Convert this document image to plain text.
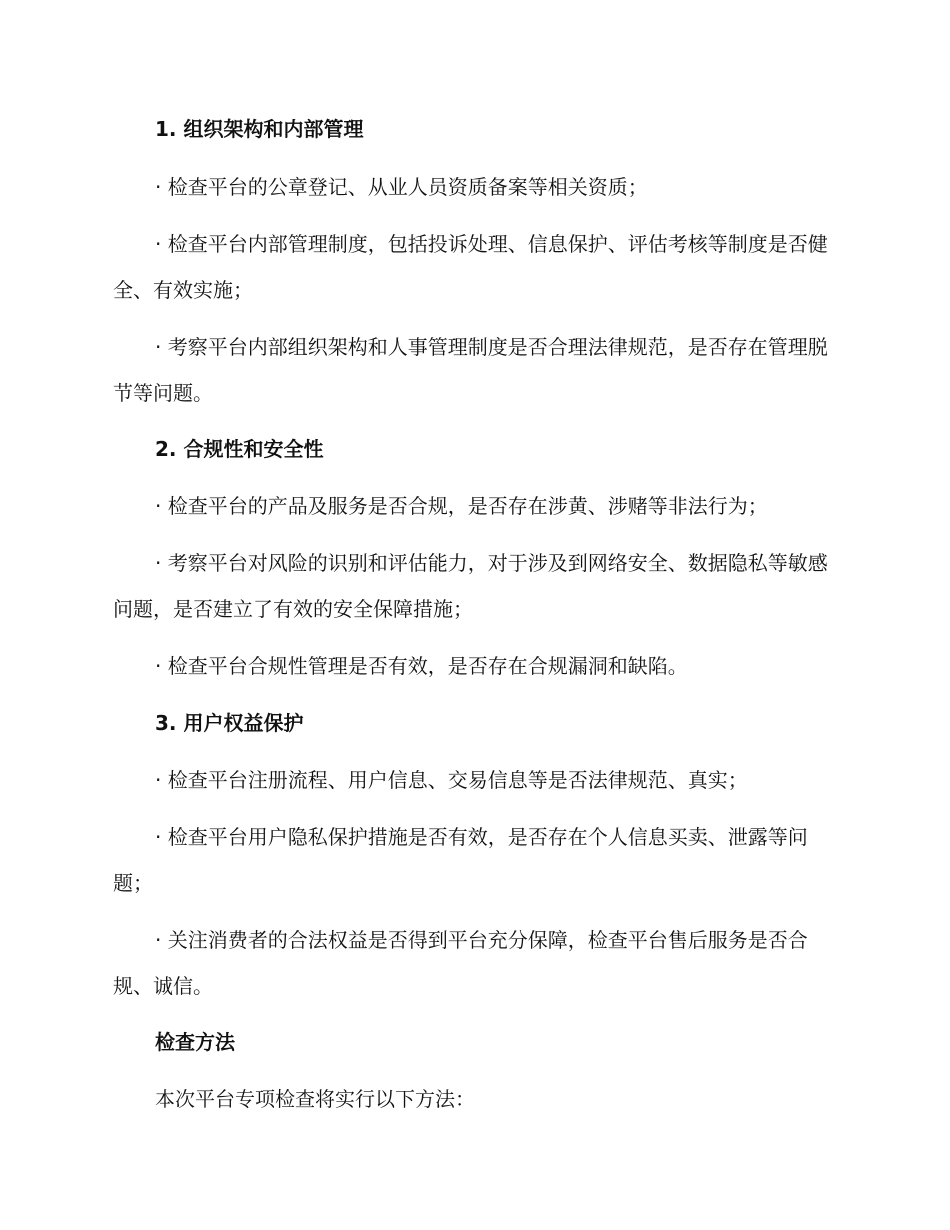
1. 组织架构和内部管理

· 检查平台的公章登记、从业人员资质备案等相关资质；

· 检查平台内部管理制度，包括投诉处理、信息保护、评估考核等制度是否健全、有效实施；

· 考察平台内部组织架构和人事管理制度是否合理法律规范，是否存在管理脱节等问题。

2. 合规性和安全性

· 检查平台的产品及服务是否合规，是否存在涉黄、涉赌等非法行为；

· 考察平台对风险的识别和评估能力，对于涉及到网络安全、数据隐私等敏感问题，是否建立了有效的安全保障措施；

· 检查平台合规性管理是否有效，是否存在合规漏洞和缺陷。

3. 用户权益保护

· 检查平台注册流程、用户信息、交易信息等是否法律规范、真实；

· 检查平台用户隐私保护措施是否有效，是否存在个人信息买卖、泄露等问题；

· 关注消费者的合法权益是否得到平台充分保障，检查平台售后服务是否合规、诚信。

检查方法

本次平台专项检查将实行以下方法：
